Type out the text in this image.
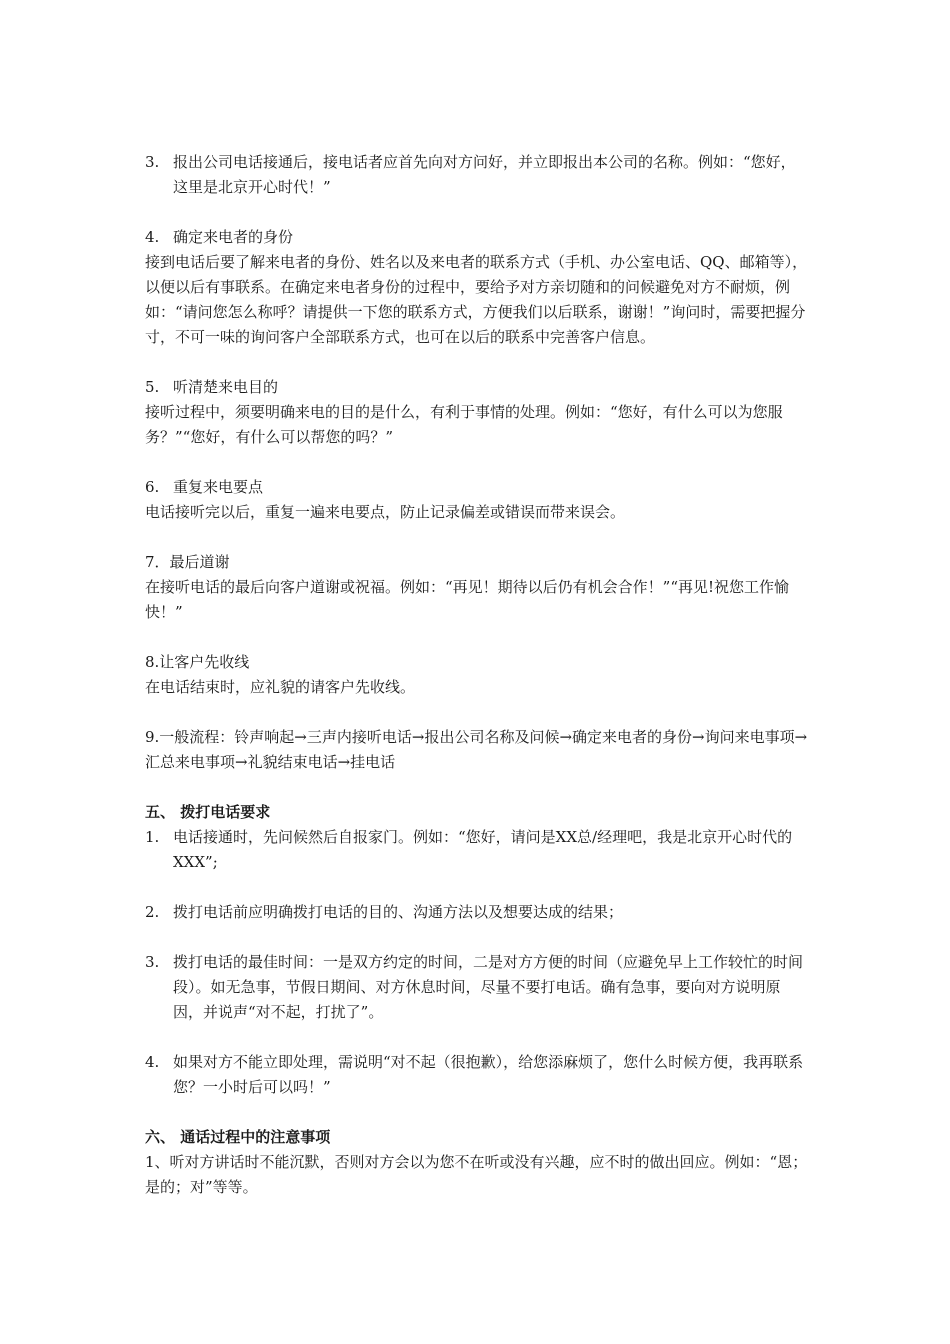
3. 报出公司电话接通后，接电话者应首先向对方问好，并立即报出本公司的名称。例如：“您好，这里是北京开心时代！”
4. 确定来电者的身份
接到电话后要了解来电者的身份、姓名以及来电者的联系方式（手机、办公室电话、QQ、邮箱等），以便以后有事联系。在确定来电者身份的过程中，要给予对方亲切随和的问候避免对方不耐烦，例如：“请问您怎么称呼？请提供一下您的联系方式，方便我们以后联系，谢谢！”询问时，需要把握分寸，不可一味的询问客户全部联系方式，也可在以后的联系中完善客户信息。
5. 听清楚来电目的
接听过程中，须要明确来电的目的是什么，有利于事情的处理。例如：“您好，有什么可以为您服务？”“您好，有什么可以帮您的吗？”
6. 重复来电要点
电话接听完以后，重复一遍来电要点，防止记录偏差或错误而带来误会。
7．最后道谢
在接听电话的最后向客户道谢或祝福。例如：“再见！期待以后仍有机会合作！”“再见!祝您工作愉快！”
8.让客户先收线
在电话结束时，应礼貌的请客户先收线。
9.一般流程：铃声响起→三声内接听电话→报出公司名称及问候→确定来电者的身份→询问来电事项→汇总来电事项→礼貌结束电话→挂电话
五、 拨打电话要求
1. 电话接通时，先问候然后自报家门。例如：“您好，请问是XX总/经理吧，我是北京开心时代的XXX”;
2. 拨打电话前应明确拨打电话的目的、沟通方法以及想要达成的结果；
3. 拨打电话的最佳时间：一是双方约定的时间，二是对方方便的时间（应避免早上工作较忙的时间段）。如无急事，节假日期间、对方休息时间，尽量不要打电话。确有急事，要向对方说明原因，并说声“对不起，打扰了”。
4. 如果对方不能立即处理，需说明“对不起（很抱歉），给您添麻烦了，您什么时候方便，我再联系您？一小时后可以吗！”
六、 通话过程中的注意事项
1、听对方讲话时不能沉默，否则对方会以为您不在听或没有兴趣，应不时的做出回应。例如：“恩；是的；对”等等。
